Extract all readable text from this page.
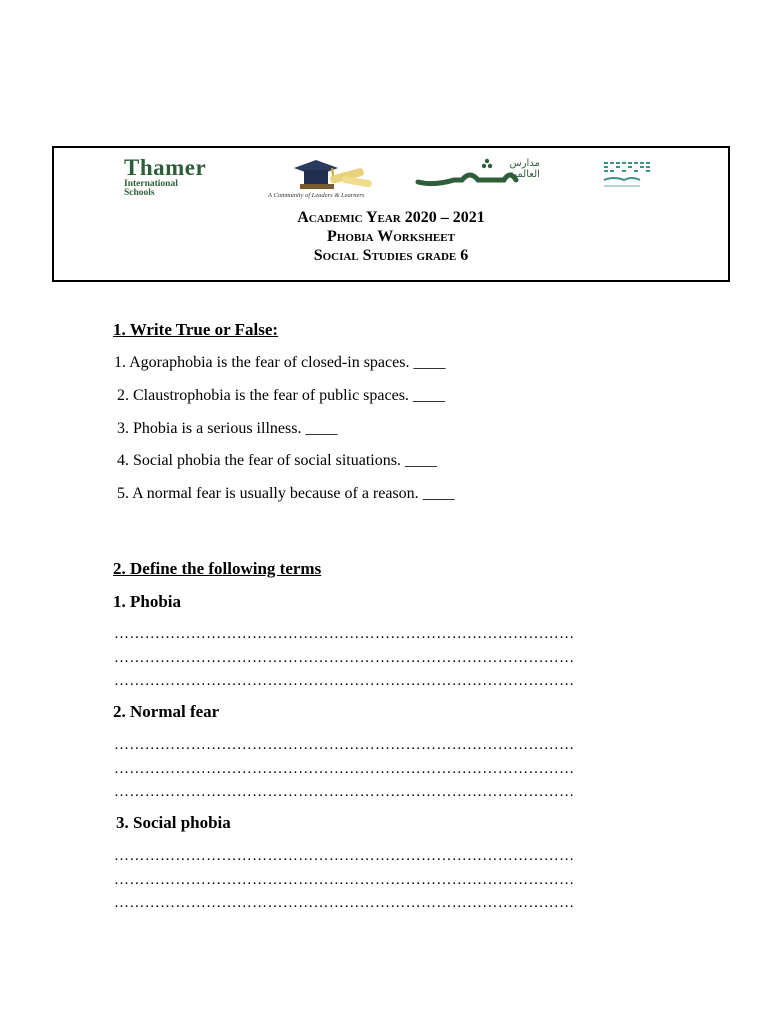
Thamer
International
Schools	A Community of Leaders & Learners
مدارس
العالمية
Academic Year 2020 – 2021
Phobia Worksheet
Social Studies grade 6
1. Write True or False:
1. Agoraphobia is the fear of closed-in spaces. ____
2. Claustrophobia is the fear of public spaces. ____
3. Phobia is a serious illness. ____
4. Social phobia the fear of social situations. ____
5. A normal fear is usually because of a reason. ____
2. Define the following terms
1. Phobia
………………………………………………………………………………
………………………………………………………………………………
………………………………………………………………………………
2. Normal fear
………………………………………………………………………………
………………………………………………………………………………
………………………………………………………………………………
3. Social phobia
………………………………………………………………………………
………………………………………………………………………………
………………………………………………………………………………
